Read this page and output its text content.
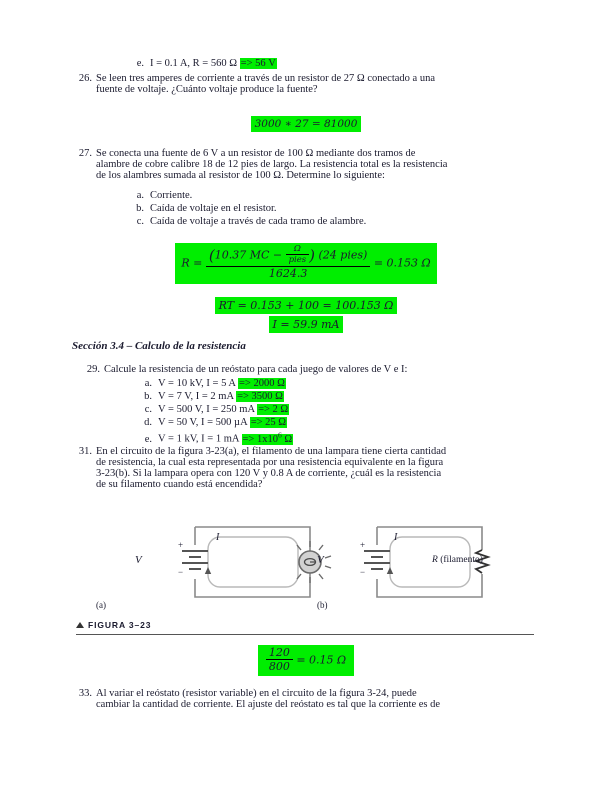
e. I = 0.1 A, R = 560 Ω => 56 V
26. Se leen tres amperes de corriente a través de un resistor de 27 Ω conectado a una
fuente de voltaje. ¿Cuánto voltaje produce la fuente?
3000 ∗ 27 = 81000
27. Se conecta una fuente de 6 V a un resistor de 100 Ω mediante dos tramos de
alambre de cobre calibre 18 de 12 pies de largo. La resistencia total es la resistencia
de los alambres sumada al resistor de 100 Ω. Determine lo siguiente:
a. Corriente.
b. Caída de voltaje en el resistor.
c. Caída de voltaje a través de cada tramo de alambre.
R = (10.37 MC − $\frac{\Omega}{\text{pies}}$ ) (24 pies)
1624.3
= 0.153 Ω
RT = 0.153 + 100 = 100.153 Ω
I = 59.9 mA
Sección 3.4 – Calculo de la resistencia
29. Calcule la resistencia de un reóstato para cada juego de valores de V e I:
a. V = 10 kV, I = 5 A => 2000 Ω
b. V = 7 V, I = 2 mA => 3500 Ω
c. V = 500 V, I = 250 mA => 2 Ω
d. V = 50 V, I = 500 µA => 25 Ω
e. V = 1 kV, I = 1 mA => $1x10^6$ Ω
31. En el circuito de la figura 3-23(a), el filamento de una lampara tiene cierta cantidad
de resistencia, la cual esta representada por una resistencia equivalente en la figura
3-23(b). Si la lampara opera con 120 V y 0.8 A de corriente, ¿cuál es la resistencia
de su filamento cuando está encendida?
V
+
−
I
(a)
V
+
−
I
R (filamento)
(b)
FIGURA 3–23
$\frac{120}{800} = 0.15$ Ω
33. Al variar el reóstato (resistor variable) en el circuito de la figura 3-24, puede
cambiar la cantidad de corriente. El ajuste del reóstato es tal que la corriente es de
